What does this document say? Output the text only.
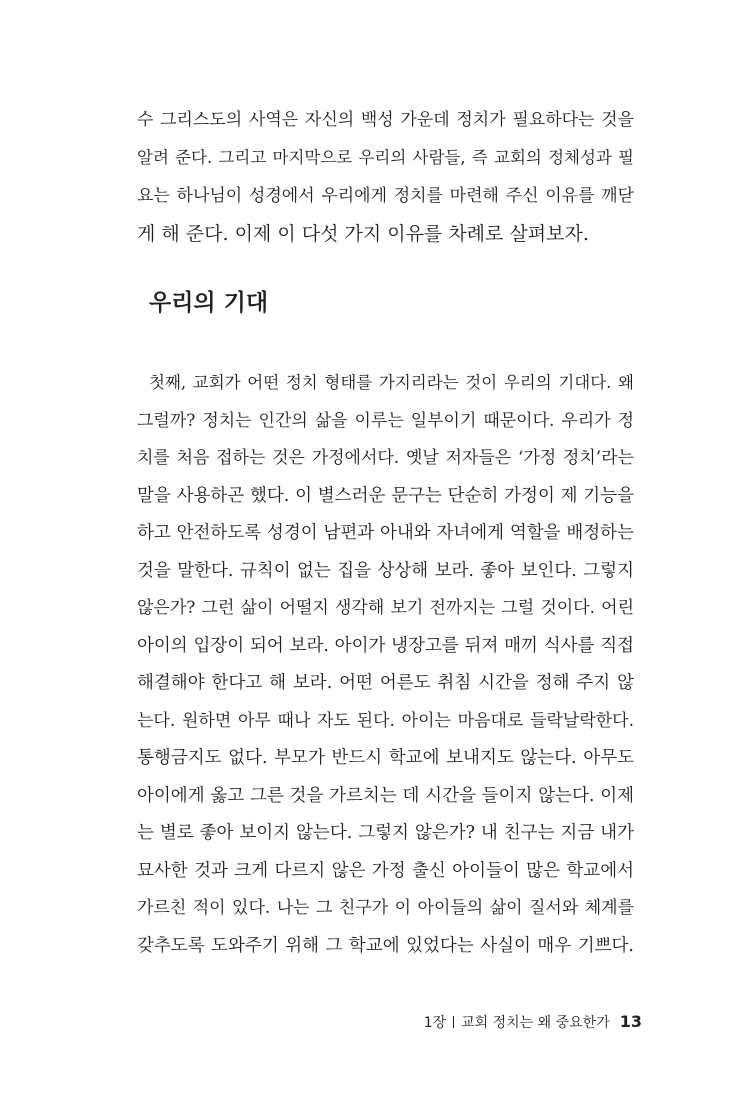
수 그리스도의 사역은 자신의 백성 가운데 정치가 필요하다는 것을
알려 준다. 그리고 마지막으로 우리의 사람들, 즉 교회의 정체성과 필
요는 하나님이 성경에서 우리에게 정치를 마련해 주신 이유를 깨닫
게 해 준다. 이제 이 다섯 가지 이유를 차례로 살펴보자.
우리의 기대
첫째, 교회가 어떤 정치 형태를 가지리라는 것이 우리의 기대다. 왜
그럴까? 정치는 인간의 삶을 이루는 일부이기 때문이다. 우리가 정
치를 처음 접하는 것은 가정에서다. 옛날 저자들은 ‘가정 정치’라는
말을 사용하곤 했다. 이 별스러운 문구는 단순히 가정이 제 기능을
하고 안전하도록 성경이 남편과 아내와 자녀에게 역할을 배정하는
것을 말한다. 규칙이 없는 집을 상상해 보라. 좋아 보인다. 그렇지
않은가? 그런 삶이 어떨지 생각해 보기 전까지는 그럴 것이다. 어린
아이의 입장이 되어 보라. 아이가 냉장고를 뒤져 매끼 식사를 직접
해결해야 한다고 해 보라. 어떤 어른도 취침 시간을 정해 주지 않
는다. 원하면 아무 때나 자도 된다. 아이는 마음대로 들락날락한다.
통행금지도 없다. 부모가 반드시 학교에 보내지도 않는다. 아무도
아이에게 옳고 그른 것을 가르치는 데 시간을 들이지 않는다. 이제
는 별로 좋아 보이지 않는다. 그렇지 않은가? 내 친구는 지금 내가
묘사한 것과 크게 다르지 않은 가정 출신 아이들이 많은 학교에서
가르친 적이 있다. 나는 그 친구가 이 아이들의 삶이 질서와 체계를
갖추도록 도와주기 위해 그 학교에 있었다는 사실이 매우 기쁘다.
1장 교회 정치는 왜 중요한가 13
